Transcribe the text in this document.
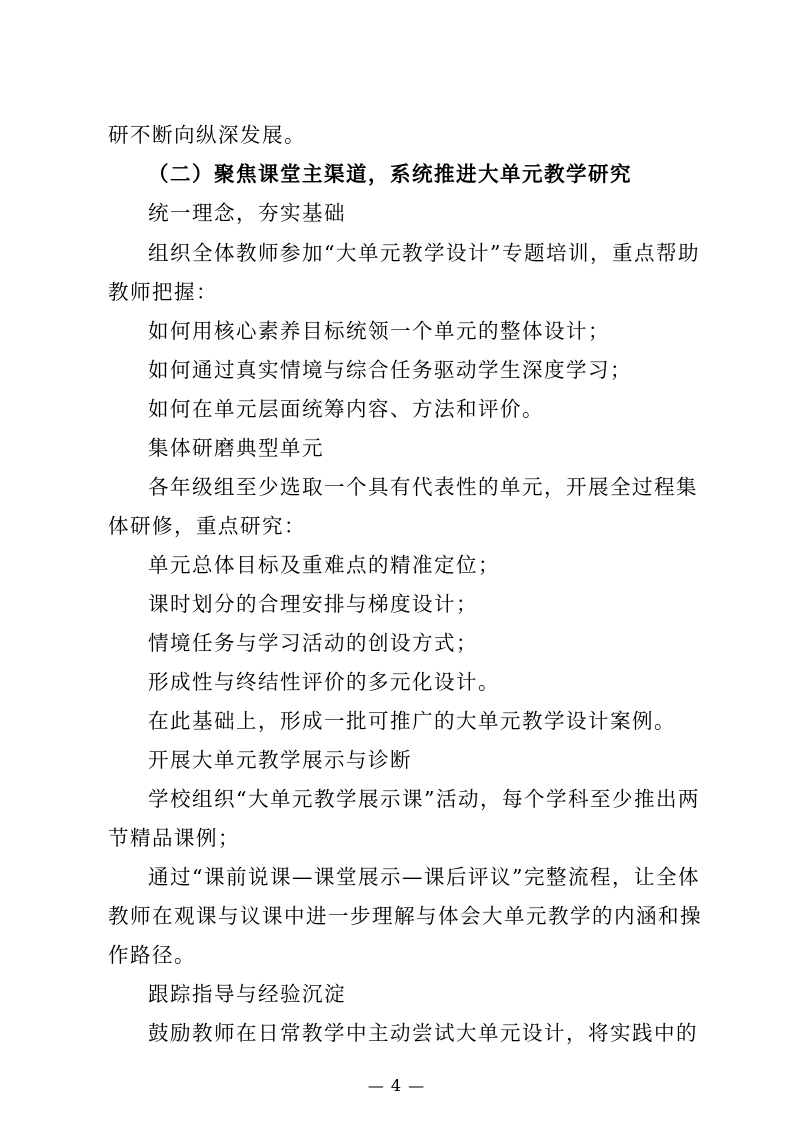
研不断向纵深发展。
（二）聚焦课堂主渠道，系统推进大单元教学研究
统一理念，夯实基础
组织全体教师参加“大单元教学设计”专题培训，重点帮助
教师把握：
如何用核心素养目标统领一个单元的整体设计；
如何通过真实情境与综合任务驱动学生深度学习；
如何在单元层面统筹内容、方法和评价。
集体研磨典型单元
各年级组至少选取一个具有代表性的单元，开展全过程集
体研修，重点研究：
单元总体目标及重难点的精准定位；
课时划分的合理安排与梯度设计；
情境任务与学习活动的创设方式；
形成性与终结性评价的多元化设计。
在此基础上，形成一批可推广的大单元教学设计案例。
开展大单元教学展示与诊断
学校组织“大单元教学展示课”活动，每个学科至少推出两
节精品课例；
通过“课前说课—课堂展示—课后评议”完整流程，让全体
教师在观课与议课中进一步理解与体会大单元教学的内涵和操
作路径。
跟踪指导与经验沉淀
鼓励教师在日常教学中主动尝试大单元设计，将实践中的
— 4 —
